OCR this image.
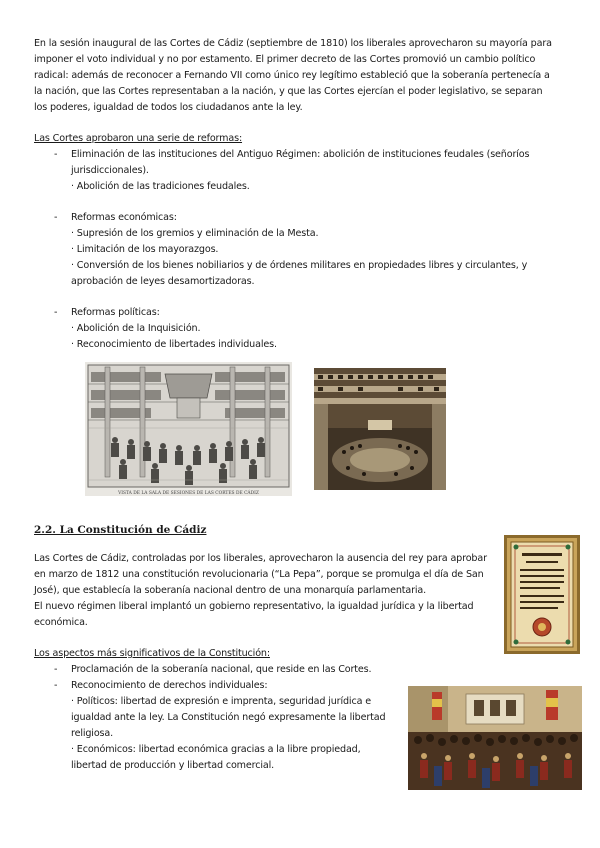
En la sesión inaugural de las Cortes de Cádiz (septiembre de 1810) los liberales aprovecharon su mayoría para
imponer el voto individual y no por estamento. El primer decreto de las Cortes promovió un cambio político
radical: además de reconocer a Fernando VII como único rey legítimo estableció que la soberanía pertenecía a
la nación, que las Cortes representaban a la nación, y que las Cortes ejercían el poder legislativo, se separan
los poderes, igualdad de todos los ciudadanos ante la ley.
Las Cortes aprobaron una serie de reformas:
- Eliminación de las instituciones del Antiguo Régimen: abolición de instituciones feudales (señoríos
jurisdiccionales).
· Abolición de las tradiciones feudales.
- Reformas económicas:
· Supresión de los gremios y eliminación de la Mesta.
· Limitación de los mayorazgos.
· Conversión de los bienes nobiliarios y de órdenes militares en propiedades libres y circulantes, y
aprobación de leyes desamortizadoras.
- Reformas políticas:
· Abolición de la Inquisición.
· Reconocimiento de libertades individuales.
VISTA DE LA SALA DE SESIONES DE LAS CORTES DE CÁDIZ
2.2. La Constitución de Cádiz
Las Cortes de Cádiz, controladas por los liberales, aprovecharon la ausencia del rey para aprobar
en marzo de 1812 una constitución revolucionaria (“La Pepa”, porque se promulga el día de San
José), que establecía la soberanía nacional dentro de una monarquía parlamentaria.
El nuevo régimen liberal implantó un gobierno representativo, la igualdad jurídica y la libertad
económica.
Los aspectos más significativos de la Constitución:
- Proclamación de la soberanía nacional, que reside en las Cortes.
- Reconocimiento de derechos individuales:
· Políticos: libertad de expresión e imprenta, seguridad jurídica e
igualdad ante la ley. La Constitución negó expresamente la libertad
religiosa.
· Económicos: libertad económica gracias a la libre propiedad,
libertad de producción y libertad comercial.
